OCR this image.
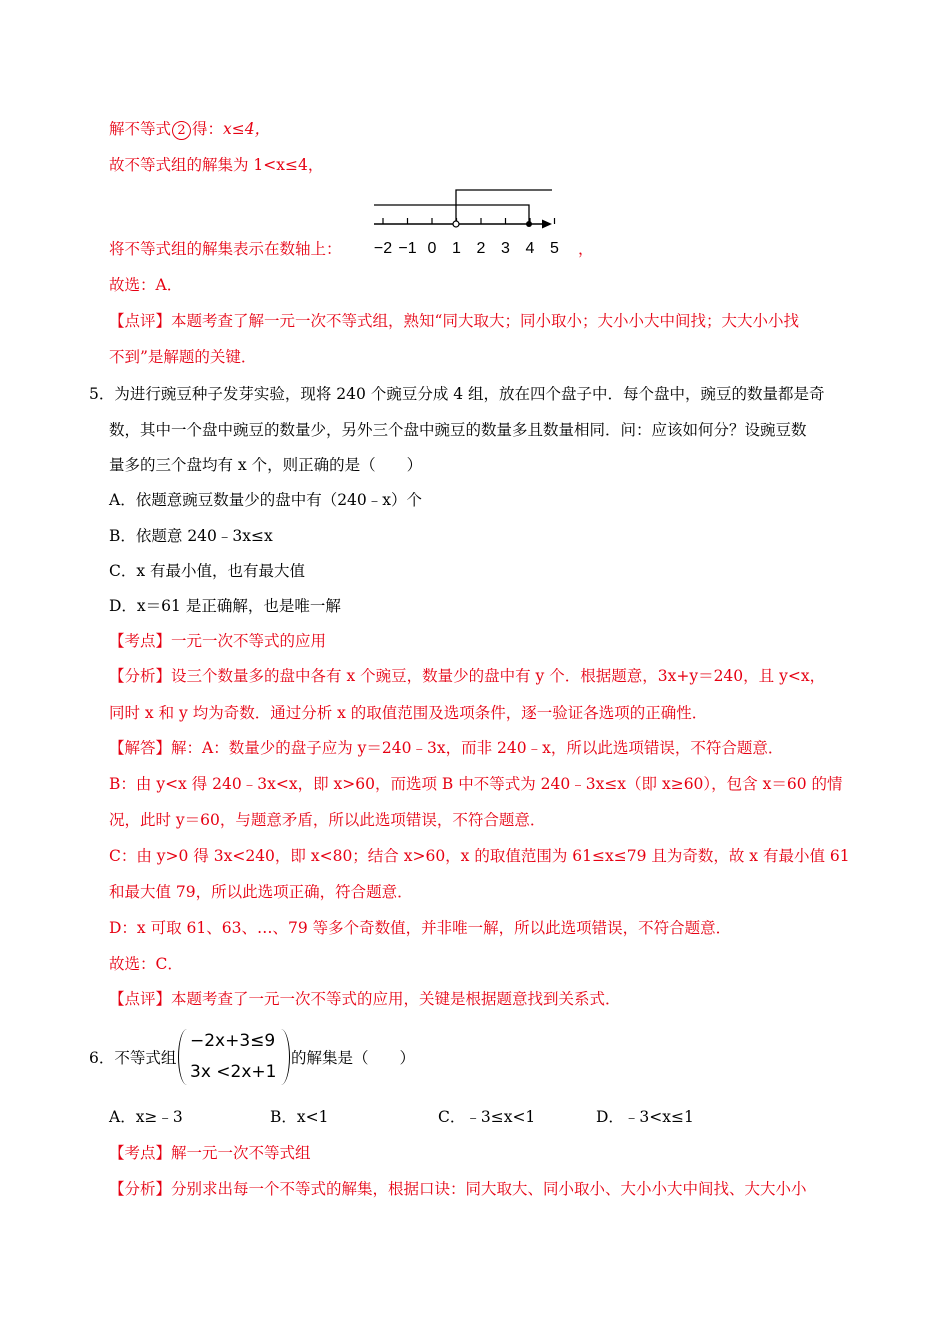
解不等式 2 得：x≤4，
故不等式组的解集为 1<x≤4，
−2 −1 0 1 2 3 4 5
将不等式组的解集表示在数轴上：	，
故选：A．
【点评】本题考查了解一元一次不等式组，熟知“同大取大；同小取小；大小小大中间找；大大小小找
不到”是解题的关键．
5．为进行豌豆种子发芽实验，现将 240 个豌豆分成 4 组，放在四个盘子中．每个盘中，豌豆的数量都是奇
数，其中一个盘中豌豆的数量少，另外三个盘中豌豆的数量多且数量相同．问：应该如何分？设豌豆数
量多的三个盘均有 x 个，则正确的是（　　）
A．依题意豌豆数量少的盘中有（240﹣x）个
B．依题意 240﹣3x≤x
C．x 有最小值，也有最大值
D．x＝61 是正确解，也是唯一解
【考点】一元一次不等式的应用
【分析】设三个数量多的盘中各有 x 个豌豆，数量少的盘中有 y 个．根据题意，3x+y＝240，且 y<x，
同时 x 和 y 均为奇数．通过分析 x 的取值范围及选项条件，逐一验证各选项的正确性．
【解答】解：A：数量少的盘子应为 y＝240﹣3x，而非 240﹣x，所以此选项错误，不符合题意．
B：由 y<x 得 240﹣3x<x，即 x>60，而选项 B 中不等式为 240﹣3x≤x（即 x≥60），包含 x＝60 的情
况，此时 y＝60，与题意矛盾，所以此选项错误，不符合题意．
C：由 y>0 得 3x<240，即 x<80；结合 x>60，x 的取值范围为 61≤x≤79 且为奇数，故 x 有最小值 61
和最大值 79，所以此选项正确，符合题意．
D：x 可取 61、63、…、79 等多个奇数值，并非唯一解，所以此选项错误，不符合题意．
故选：C．
【点评】本题考查了一元一次不等式的应用，关键是根据题意找到关系式．
6．不等式组
−2x+3≤9
3x <2x+1
的解集是（　　）
A．x≥﹣3	B．x<1	C．﹣3≤x<1	D．﹣3<x≤1
【考点】解一元一次不等式组
【分析】分别求出每一个不等式的解集，根据口诀：同大取大、同小取小、大小小大中间找、大大小小
